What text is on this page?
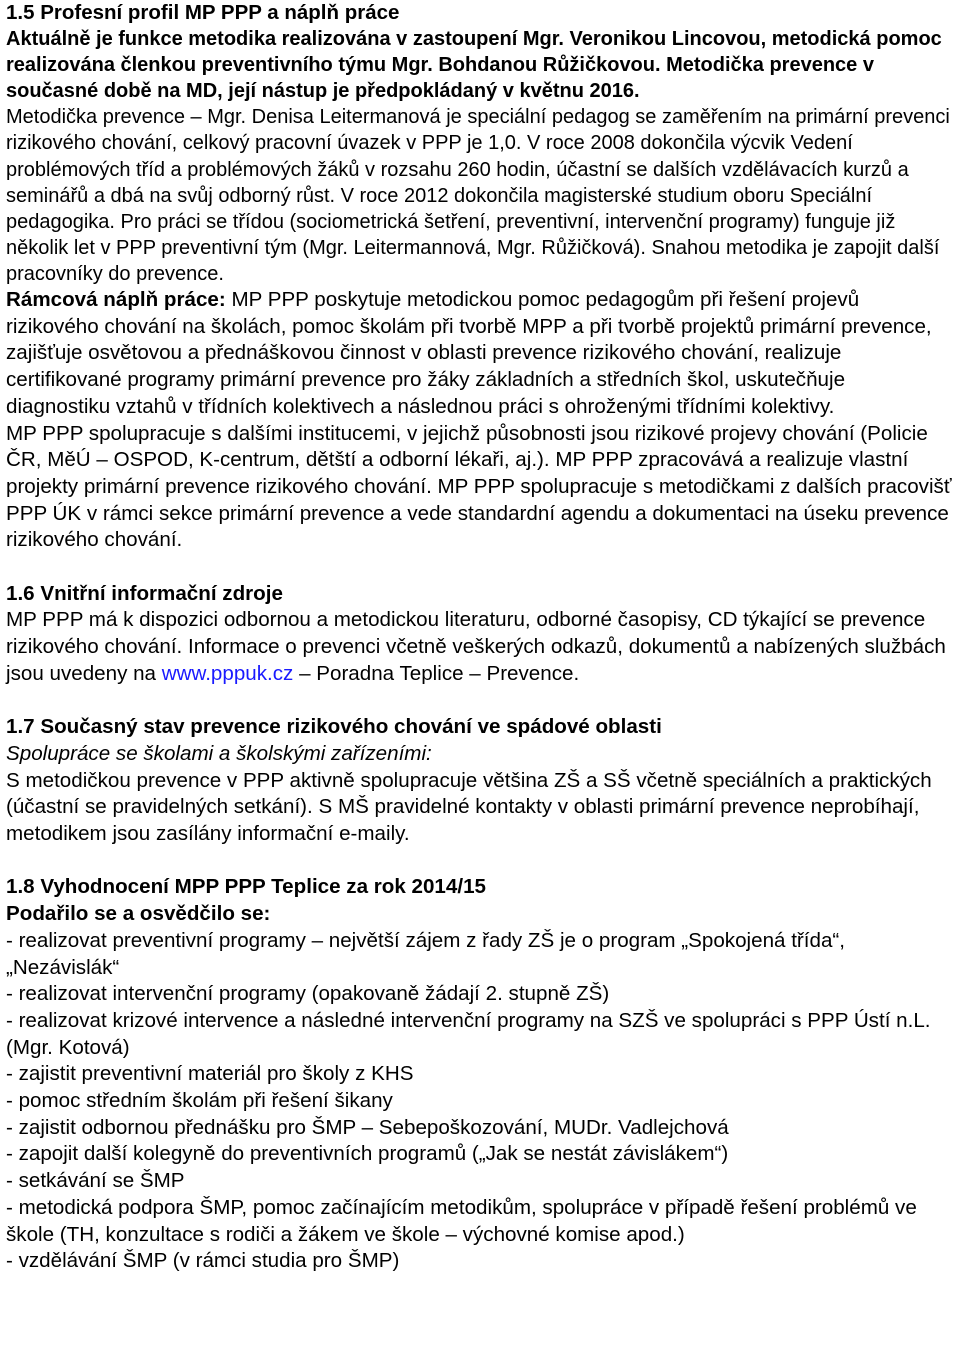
1.5 Profesní profil MP PPP a náplň práce

Aktuálně je funkce metodika realizována v zastoupení Mgr. Veronikou Lincovou, metodická pomoc realizována členkou preventivního týmu Mgr. Bohdanou Růžičkovou. Metodička prevence v současné době na MD, její nástup je předpokládaný v květnu 2016.

Metodička prevence – Mgr. Denisa Leitermanová je speciální pedagog se zaměřením na primární prevenci rizikového chování, celkový pracovní úvazek v PPP je 1,0. V roce 2008 dokončila výcvik Vedení problémových tříd a problémových žáků v rozsahu 260 hodin, účastní se dalších vzdělávacích kurzů a seminářů a dbá na svůj odborný růst. V roce 2012 dokončila magisterské studium oboru Speciální pedagogika. Pro práci se třídou (sociometrická šetření, preventivní, intervenční programy) funguje již několik let v PPP preventivní tým (Mgr. Leitermannová, Mgr. Růžičková). Snahou metodika je zapojit další pracovníky do prevence.

Rámcová náplň práce: MP PPP poskytuje metodickou pomoc pedagogům při řešení projevů rizikového chování na školách, pomoc školám při tvorbě MPP a při tvorbě projektů primární prevence, zajišťuje osvětovou a přednáškovou činnost v oblasti prevence rizikového chování, realizuje certifikované programy primární prevence pro žáky základních a středních škol, uskutečňuje diagnostiku vztahů v třídních kolektivech a následnou práci s ohroženými třídními kolektivy.

MP PPP spolupracuje s dalšími institucemi, v jejichž působnosti jsou rizikové projevy chování (Policie ČR, MěÚ – OSPOD, K-centrum, dětští a odborní lékaři, aj.). MP PPP zpracovává a realizuje vlastní projekty primární prevence rizikového chování. MP PPP spolupracuje s metodičkami z dalších pracovišť PPP ÚK v rámci sekce primární prevence a vede standardní agendu a dokumentaci na úseku prevence rizikového chování.

1.6 Vnitřní informační zdroje

MP PPP má k dispozici odbornou a metodickou literaturu, odborné časopisy, CD týkající se prevence rizikového chování. Informace o prevenci včetně veškerých odkazů, dokumentů a nabízených službách jsou uvedeny na www.pppuk.cz – Poradna Teplice – Prevence.

1.7 Současný stav prevence rizikového chování ve spádové oblasti

Spolupráce se školami a školskými zařízeními:

S metodičkou prevence v PPP aktivně spolupracuje většina ZŠ a SŠ včetně speciálních a praktických (účastní se pravidelných setkání). S MŠ pravidelné kontakty v oblasti primární prevence neprobíhají, metodikem jsou zasílány informační e-maily.

1.8 Vyhodnocení MPP PPP Teplice za rok 2014/15

Podařilo se a osvědčilo se:

- realizovat preventivní programy – největší zájem z řady ZŠ je o program „Spokojená třída“, „Nezávislák“
- realizovat intervenční programy (opakovaně žádají 2. stupně ZŠ)
- realizovat krizové intervence a následné intervenční programy na SZŠ ve spolupráci s PPP Ústí n.L. (Mgr. Kotová)
- zajistit preventivní materiál pro školy z KHS
- pomoc středním školám při řešení šikany
- zajistit odbornou přednášku pro ŠMP – Sebepoškozování, MUDr. Vadlejchová
- zapojit další kolegyně do preventivních programů („Jak se nestát závislákem“)
- setkávání se ŠMP
- metodická podpora ŠMP, pomoc začínajícím metodikům, spolupráce v případě řešení problémů ve škole (TH, konzultace s rodiči a žákem ve škole – výchovné komise apod.)
- vzdělávání ŠMP (v rámci studia pro ŠMP)
